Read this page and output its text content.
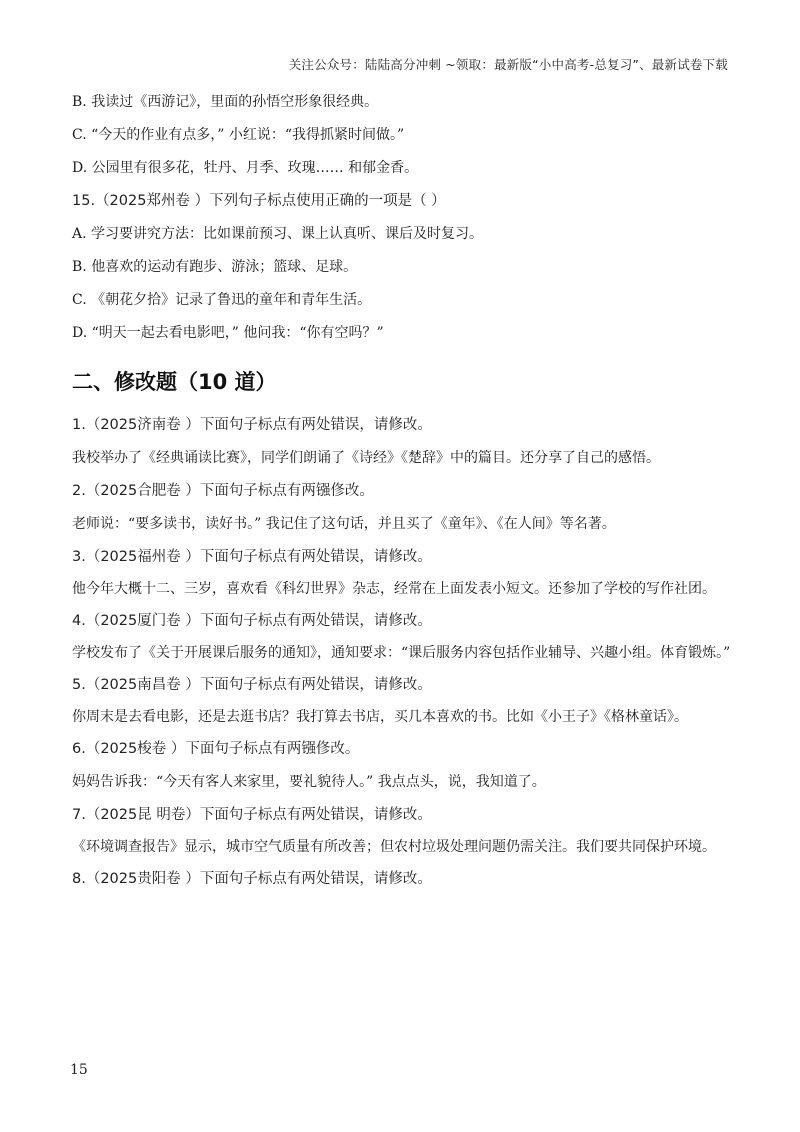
关注公众号：陆陆高分冲刺 ~领取：最新版“小中高考-总复习”、最新试卷下载

B. 我读过《西游记》，里面的孙悟空形象很经典。

C. “今天的作业有点多，” 小红说：“我得抓紧时间做。”

D. 公园里有很多花，牡丹、月季、玫瑰…… 和郁金香。

15.（2025郑州卷 ）下列句子标点使用正确的一项是（ ）

A. 学习要讲究方法：比如课前预习、课上认真听、课后及时复习。

B. 他喜欢的运动有跑步、游泳；篮球、足球。

C. 《朝花夕拾》记录了鲁迅的童年和青年生活。

D. “明天一起去看电影吧，” 他问我：“你有空吗？”

二、修改题（10 道）

1.（2025济南卷 ）下面句子标点有两处错误，请修改。

我校举办了《经典诵读比赛》，同学们朗诵了《诗经》《楚辞》中的篇目。还分享了自己的感悟。

2.（2025合肥卷 ）下面句子标点有两镪俢改。

老师说：“要多读书，读好书。” 我记住了这句话，并且买了《童年》、《在人间》等名著。

3.（2025福州卷 ）下面句子标点有两处错误，请修改。

他今年大概十二、三岁，喜欢看《科幻世界》杂志，经常在上面发表小短文。还参加了学校的写作社团。

4.（2025厦门卷 ）下面句子标点有两处错误，请修改。

学校发布了《关于开展课后服务的通知》，通知要求：“课后服务内容包括作业辅导、兴趣小组。体育锻炼。”

5.（2025南昌卷 ）下面句子标点有两处错误，请修改。

你周末是去看电影，还是去逛书店？我打算去书店，买几本喜欢的书。比如《小王子》《格林童话》。

6.（2025梭卷 ）下面句子标点有两镪俢改。

妈妈告诉我：“今天有客人来家里，要礼貌待人。” 我点点头，说，我知道了。

7.（2025昆 明卷）下面句子标点有两处错误，请修改。

《环境调查报告》显示，城市空气质量有所改善；但农村垃圾处理问题仍需关注。我们要共同保护环境。

8.（2025贵阳卷 ）下面句子标点有两处错误，请修改。

15
